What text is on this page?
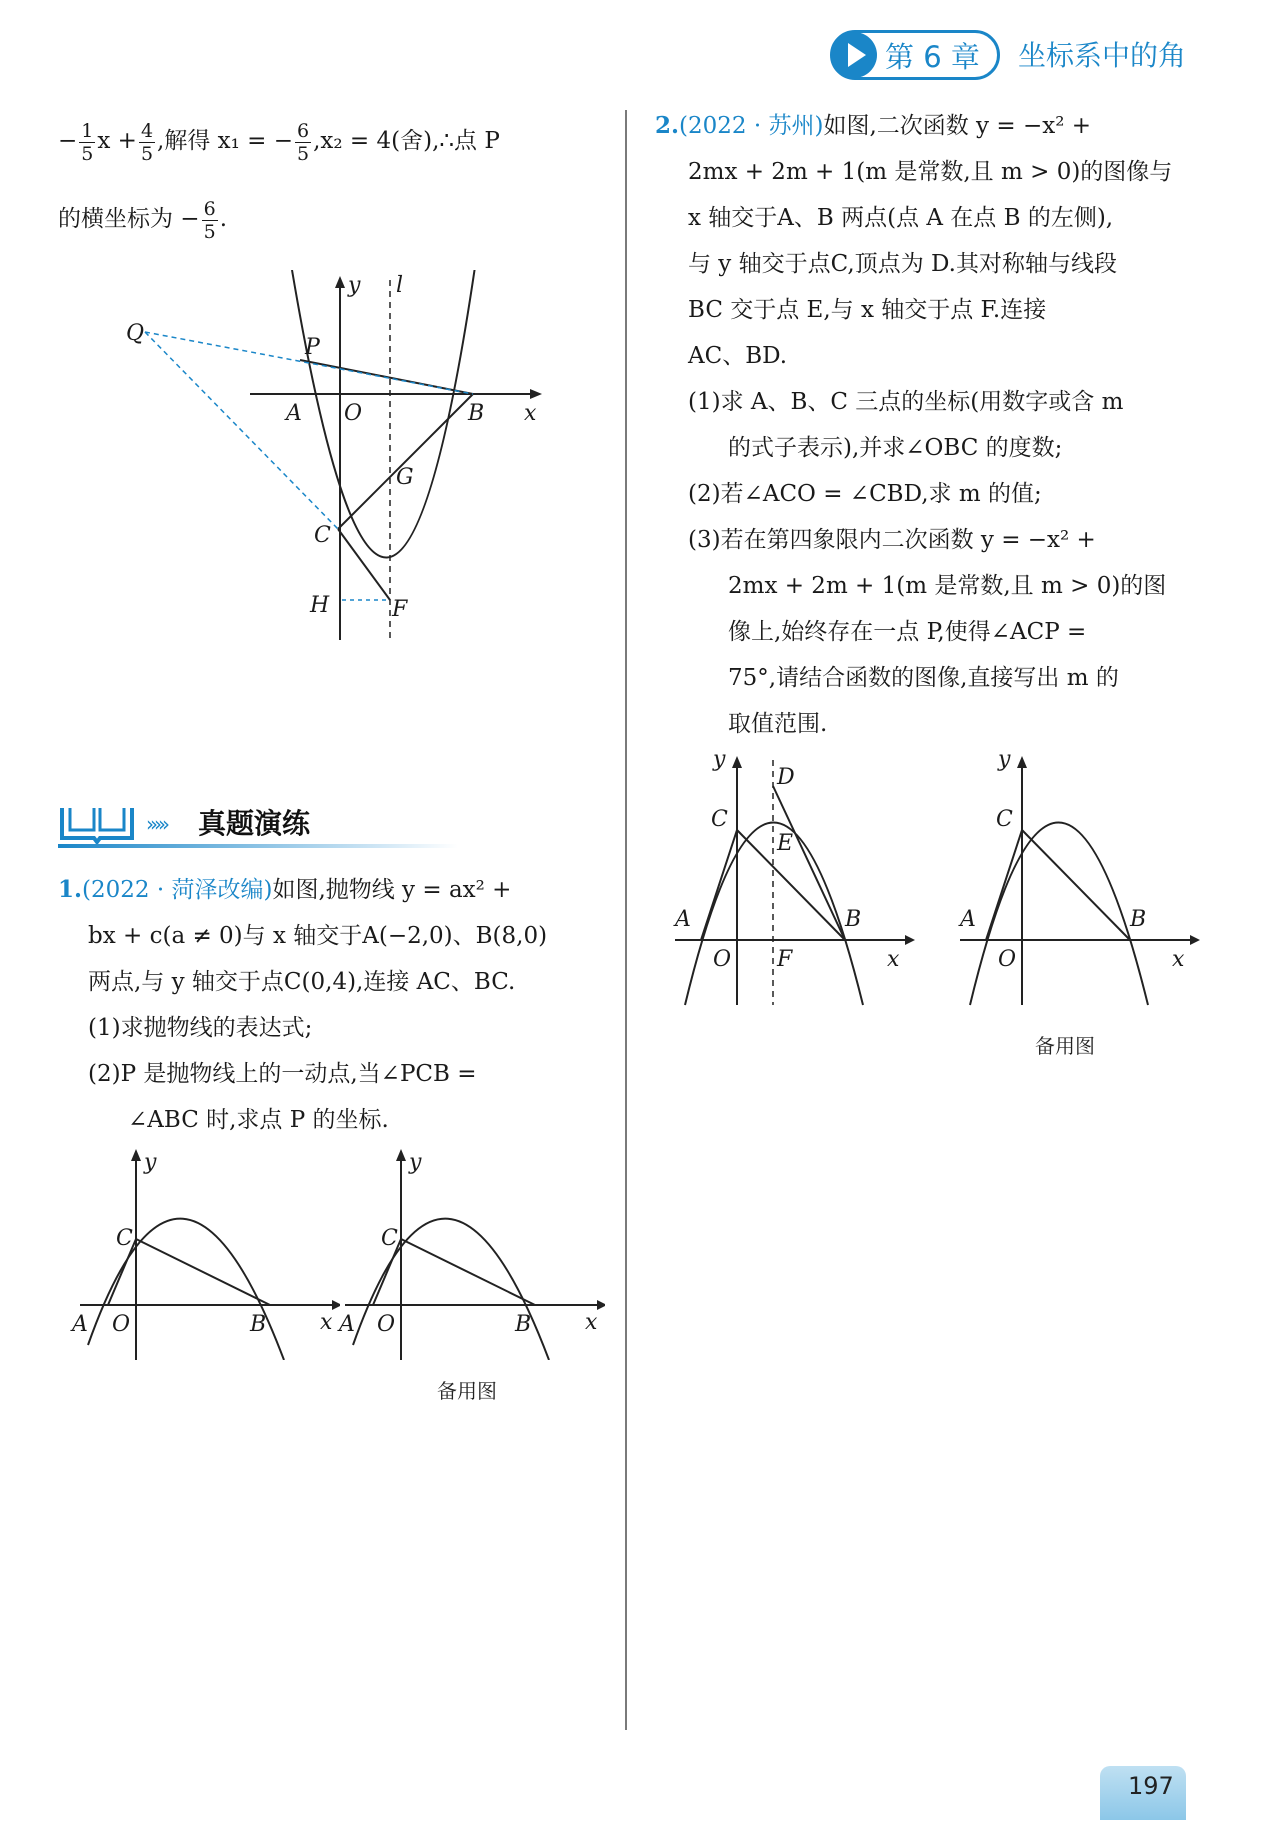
第 6 章 坐标系中的角
− $\frac{1}{5}$ $x + \frac{4}{5}$ ,解得 x₁ = − $\frac{6}{5} ,x_2 = 4$(舍),∴点 P
的横坐标为 − $\frac{6}{5}$ .
Q
P
y l
A O	B x
G
C
H	F
››››› 真题演练
1.(2022 · 菏泽改编)如图,抛物线 y = ax² +
bx + c(a ≠ 0)与 x 轴交于A(−2,0)、B(8,0)
两点,与 y 轴交于点C(0,4),连接 AC、BC.
(1)求抛物线的表达式;
(2)P 是抛物线上的一动点,当∠PCB =
∠ABC 时,求点 P 的坐标.
y
C
A O	B x
y
C
A O	B x
备用图
2.(2022 · 苏州)如图,二次函数 y = −x² +
2mx + 2m + 1(m 是常数,且 m > 0)的图像与
x 轴交于A、B 两点(点 A 在点 B 的左侧),
与 y 轴交于点C,顶点为 D.其对称轴与线段
BC 交于点 E,与 x 轴交于点 F.连接
AC、BD.
(1)求 A、B、C 三点的坐标(用数字或含 m
的式子表示),并求∠OBC 的度数;
(2)若∠ACO = ∠CBD,求 m 的值;
(3)若在第四象限内二次函数 y = −x² +
2mx + 2m + 1(m 是常数,且 m > 0)的图
像上,始终存在一点 P,使得∠ACP =
75°,请结合函数的图像,直接写出 m 的
取值范围.
y
D
C
E
A
O F
B
x
y
C
A
O
B
x
备用图
197
